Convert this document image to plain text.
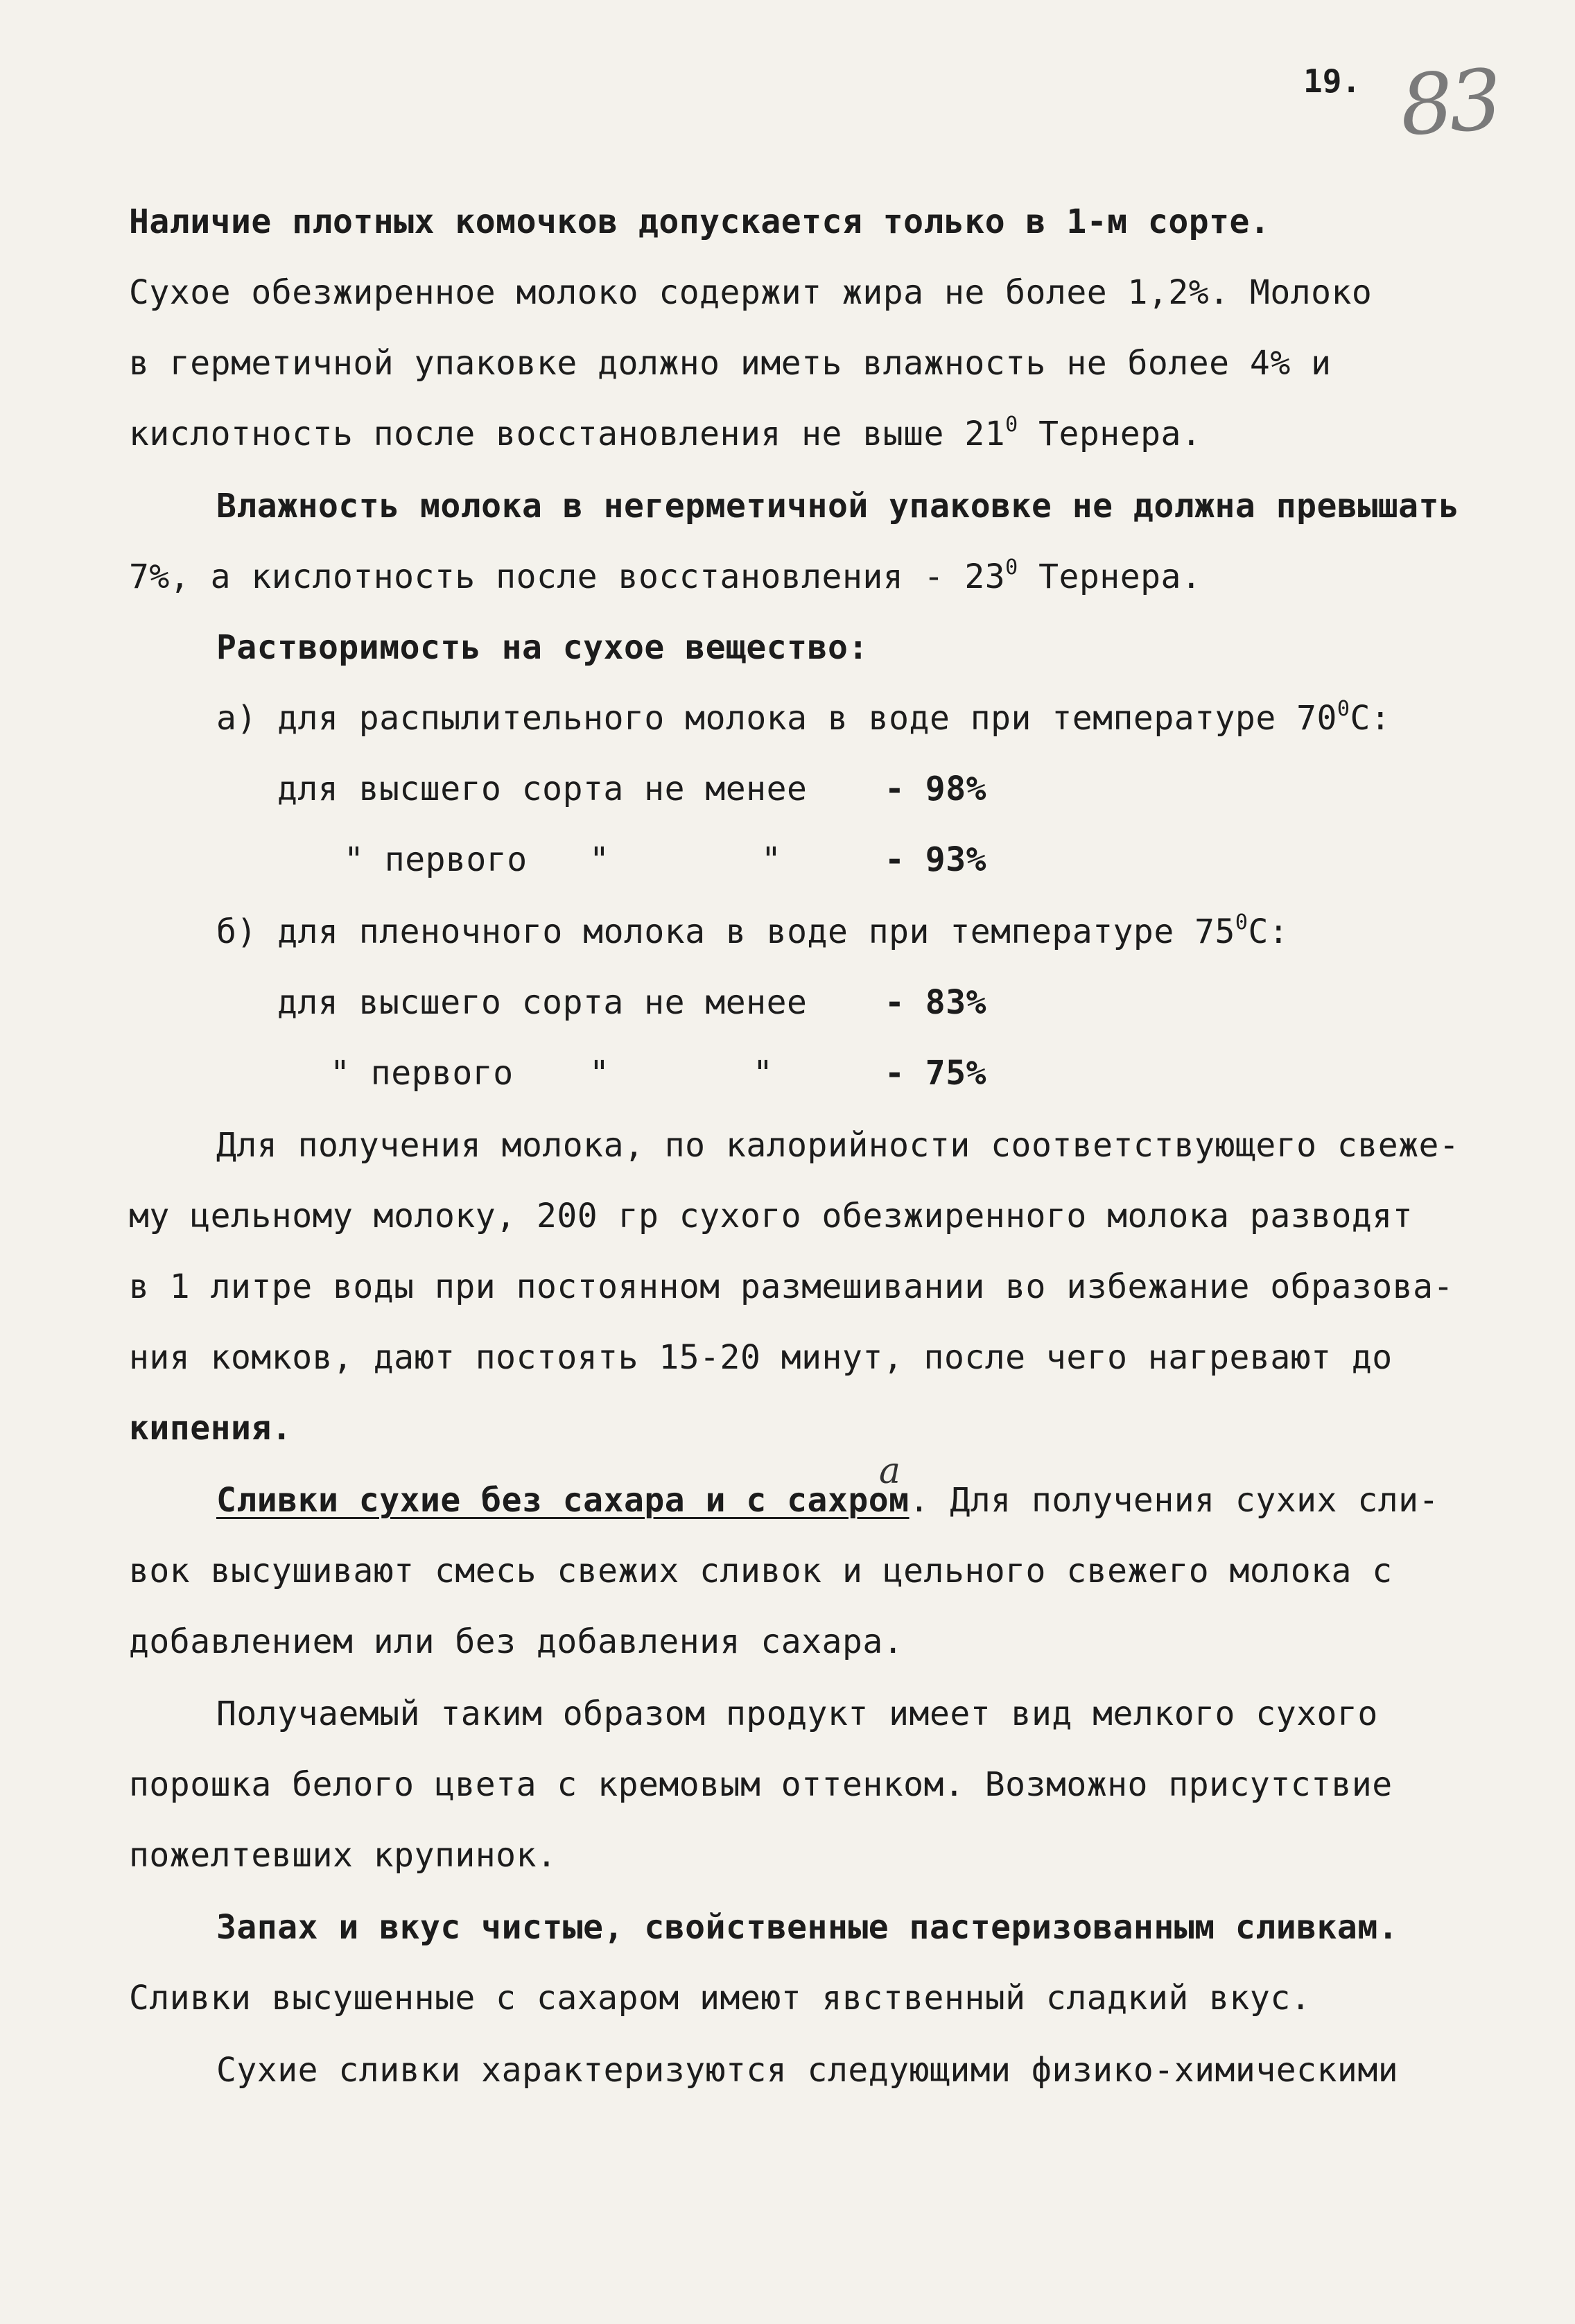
19. 83
Наличие плотных комочков допускается только в 1-м сорте.
Сухое обезжиренное молоко содержит жира не более 1,2%. Молоко
в герметичной упаковке должно иметь влажность не более 4% и
кислотность после восстановления не выше $21^0$ Тернера.
Влажность молока в негерметичной упаковке не должна превышать
7%, а кислотность после восстановления - $23^0$ Тернера.
Растворимость на сухое вещество:
а) для распылительного молока в воде при температуре $70^0С$:
для высшего сорта не менее - 98%
" первого "	"	- 93%
б) для пленочного молока в воде при температуре $75^0С$:
для высшего сорта не менее - 83%
" первого "	"	- 75%
Для получения молока, по калорийности соответствующего свеже-
му цельному молоку, 200 гр сухого обезжиренного молока разводят
в 1 литре воды при постоянном размешивании во избежание образова-
ния комков, дают постоять 15-20 минут, после чего нагревают до
кипения.
а
Сливки сухие без сахара и с сахром. Для получения сухих сли-
вок высушивают смесь свежих сливок и цельного свежего молока с
добавлением или без добавления сахара.
Получаемый таким образом продукт имеет вид мелкого сухого
порошка белого цвета с кремовым оттенком. Возможно присутствие
пожелтевших крупинок.
Запах и вкус чистые, свойственные пастеризованным сливкам.
Сливки высушенные с сахаром имеют явственный сладкий вкус.
Сухие сливки характеризуются следующими физико-химическими
